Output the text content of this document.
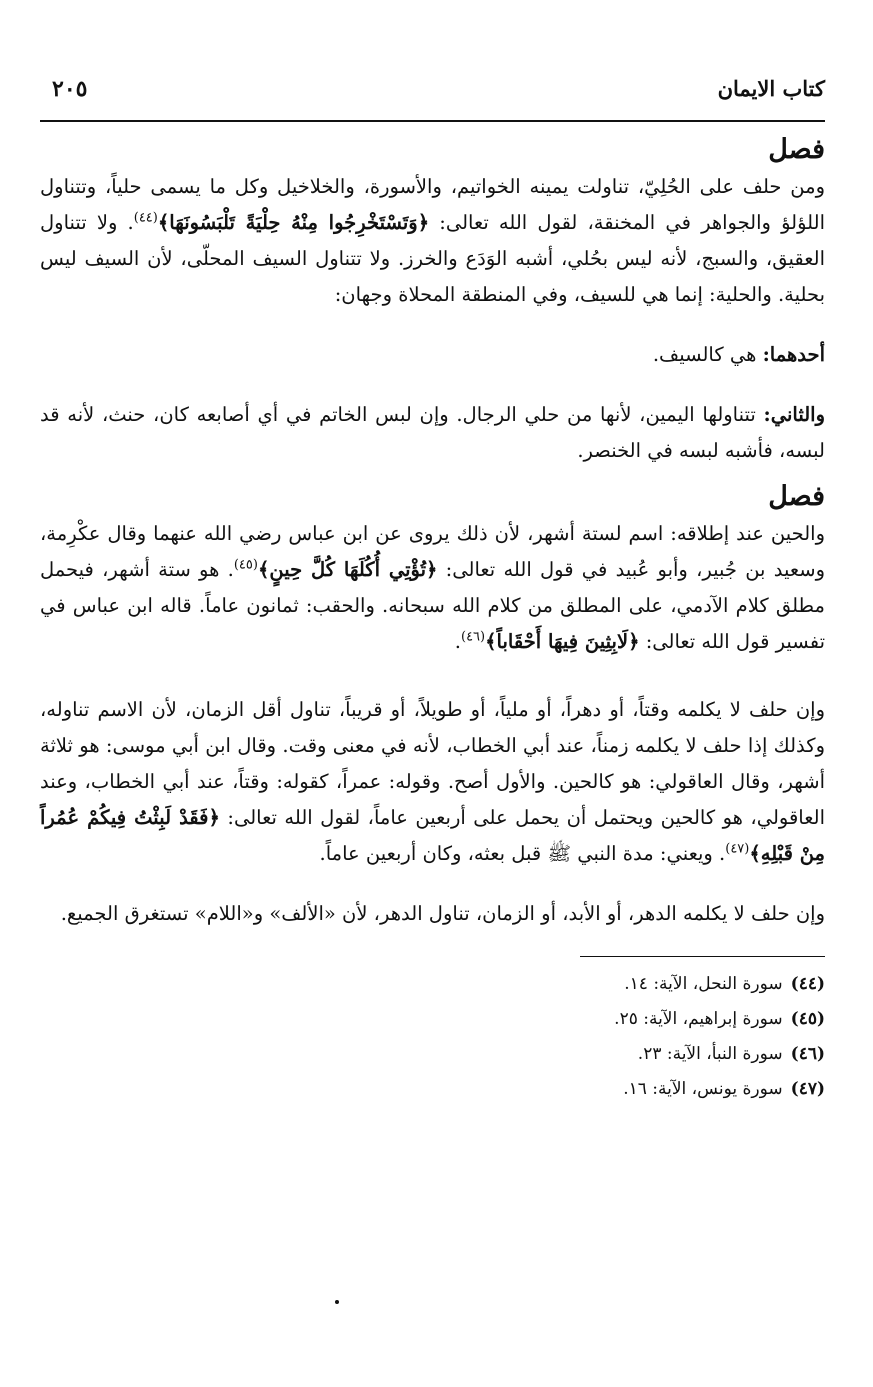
كتاب الايمان
٢٠٥
فصل

ومن حلف على الحُلِيّ، تناولت يمينه الخواتيم، والأسورة، والخلاخيل وكل ما يسمى حلياً، وتتناول اللؤلؤ والجواهر في المخنقة، لقول الله تعالى: ﴿وَتَسْتَخْرِجُوا مِنْهُ حِلْيَةً تَلْبَسُونَهَا﴾$^{(٤٤)}$. ولا تتناول العقيق، والسبج، لأنه ليس بحُلي، أشبه الوَدَع والخرز. ولا تتناول السيف المحلّى، لأن السيف ليس بحلية. والحلية: إنما هي للسيف، وفي المنطقة المحلاة وجهان:

أحدهما: هي كالسيف.

والثاني: تتناولها اليمين، لأنها من حلي الرجال. وإن لبس الخاتم في أي أصابعه كان، حنث، لأنه قد لبسه، فأشبه لبسه في الخنصر.

فصل

والحين عند إطلاقه: اسم لستة أشهر، لأن ذلك يروى عن ابن عباس رضي الله عنهما وقال عكْرِمة، وسعيد بن جُبير، وأبو عُبيد في قول الله تعالى: ﴿تُؤْتِي أُكُلَهَا كُلَّ حِينٍ﴾$^{(٤٥)}$. هو ستة أشهر، فيحمل مطلق كلام الآدمي، على المطلق من كلام الله سبحانه. والحقب: ثمانون عاماً. قاله ابن عباس في تفسير قول الله تعالى: ﴿لَابِثِينَ فِيهَا أَحْقَاباً﴾$^{(٤٦)}$.

وإن حلف لا يكلمه وقتاً، أو دهراً، أو ملياً، أو طويلاً، أو قريباً، تناول أقل الزمان، لأن الاسم تناوله، وكذلك إذا حلف لا يكلمه زمناً، عند أبي الخطاب، لأنه في معنى وقت. وقال ابن أبي موسى: هو ثلاثة أشهر، وقال العاقولي: هو كالحين. والأول أصح. وقوله: عمراً، كقوله: وقتاً، عند أبي الخطاب، وعند العاقولي، هو كالحين ويحتمل أن يحمل على أربعين عاماً، لقول الله تعالى: ﴿فَقَدْ لَبِثْتُ فِيكُمْ عُمُراً مِنْ قَبْلِهِ﴾$^{(٤٧)}$. ويعني: مدة النبي ﷺ قبل بعثه، وكان أربعين عاماً.

وإن حلف لا يكلمه الدهر، أو الأبد، أو الزمان، تناول الدهر، لأن «الألف» و«اللام» تستغرق الجميع.

(٤٤)سورة النحل، الآية: ١٤.
(٤٥)سورة إبراهيم، الآية: ٢٥.
(٤٦)سورة النبأ، الآية: ٢٣.
(٤٧)سورة يونس، الآية: ١٦.
